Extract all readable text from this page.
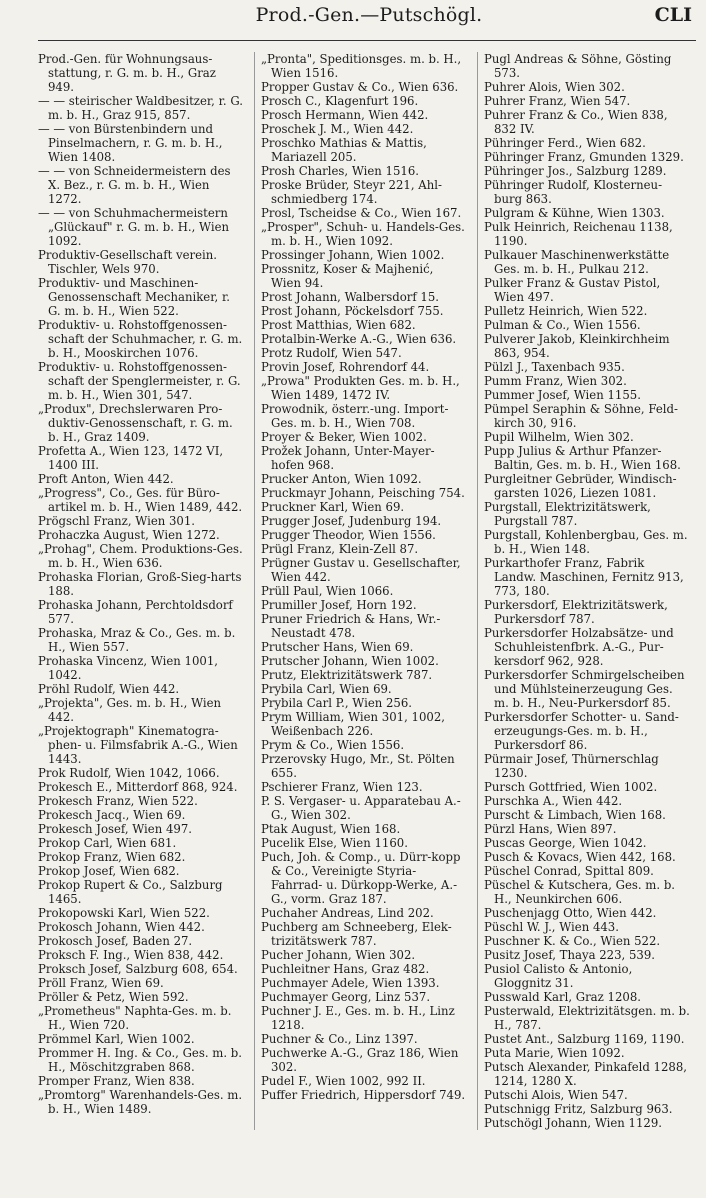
Prod.-Gen.—Putschögl.	CLI
Prod.-Gen. für Wohnungsaus-stattung, r. G. m. b. H., Graz 949.
— — steirischer Waldbesitzer, r. G. m. b. H., Graz 915, 857.
— — von Bürstenbindern und Pinselmachern, r. G. m. b. H., Wien 1408.
— — von Schneidermeistern des X. Bez., r. G. m. b. H., Wien 1272.
— — von Schuhmachermeistern „Glückauf" r. G. m. b. H., Wien 1092.
Produktiv-Gesellschaft verein. Tischler, Wels 970.
Produktiv- und Maschinen-Genossenschaft Mechaniker, r. G. m. b. H., Wien 522.
Produktiv- u. Rohstoffgenossen-schaft der Schuhmacher, r. G. m. b. H., Mooskirchen 1076.
Produktiv- u. Rohstoffgenossen-schaft der Spenglermeister, r. G. m. b. H., Wien 301, 547.
„Produx", Drechslerwaren Pro-duktiv-Genossenschaft, r. G. m. b. H., Graz 1409.
Profetta A., Wien 123, 1472 VI, 1400 III.
Proft Anton, Wien 442.
„Progress", Co., Ges. für Büro-artikel m. b. H., Wien 1489, 442.
Prögschl Franz, Wien 301.
Prohaczka August, Wien 1272.
„Prohag", Chem. Produktions-Ges. m. b. H., Wien 636.
Prohaska Florian, Groß-Sieg-harts 188.
Prohaska Johann, Perchtoldsdorf 577.
Prohaska, Mraz & Co., Ges. m. b. H., Wien 557.
Prohaska Vincenz, Wien 1001, 1042.
Pröhl Rudolf, Wien 442.
„Projekta", Ges. m. b. H., Wien 442.
„Projektograph" Kinematogra-phen- u. Filmsfabrik A.-G., Wien 1443.
Prok Rudolf, Wien 1042, 1066.
Prokesch E., Mitterdorf 868, 924.
Prokesch Franz, Wien 522.
Prokesch Jacq., Wien 69.
Prokesch Josef, Wien 497.
Prokop Carl, Wien 681.
Prokop Franz, Wien 682.
Prokop Josef, Wien 682.
Prokop Rupert & Co., Salzburg 1465.
Prokopowski Karl, Wien 522.
Prokosch Johann, Wien 442.
Prokosch Josef, Baden 27.
Proksch F. Ing., Wien 838, 442.
Proksch Josef, Salzburg 608, 654.
Pröll Franz, Wien 69.
Pröller & Petz, Wien 592.
„Prometheus" Naphta-Ges. m. b. H., Wien 720.
Prömmel Karl, Wien 1002.
Prommer H. Ing. & Co., Ges. m. b. H., Möschitzgraben 868.
Promper Franz, Wien 838.
„Promtorg" Warenhandels-Ges. m. b. H., Wien 1489.
„Pronta", Speditionsges. m. b. H., Wien 1516.
Propper Gustav & Co., Wien 636.
Prosch C., Klagenfurt 196.
Prosch Hermann, Wien 442.
Proschek J. M., Wien 442.
Proschko Mathias & Mattis, Mariazell 205.
Prosh Charles, Wien 1516.
Proske Brüder, Steyr 221, Ahl-schmiedberg 174.
Prosl, Tscheidse & Co., Wien 167.
„Prosper", Schuh- u. Handels-Ges. m. b. H., Wien 1092.
Prossinger Johann, Wien 1002.
Prossnitz, Koser & Majhenić, Wien 94.
Prost Johann, Walbersdorf 15.
Prost Johann, Pöckelsdorf 755.
Prost Matthias, Wien 682.
Protalbin-Werke A.-G., Wien 636.
Protz Rudolf, Wien 547.
Provin Josef, Rohrendorf 44.
„Prowa" Produkten Ges. m. b. H., Wien 1489, 1472 IV.
Prowodnik, österr.-ung. Import-Ges. m. b. H., Wien 708.
Proyer & Beker, Wien 1002.
Prožek Johann, Unter-Mayer-hofen 968.
Prucker Anton, Wien 1092.
Pruckmayr Johann, Peisching 754.
Pruckner Karl, Wien 69.
Prugger Josef, Judenburg 194.
Prugger Theodor, Wien 1556.
Prügl Franz, Klein-Zell 87.
Prügner Gustav u. Gesellschafter, Wien 442.
Prüll Paul, Wien 1066.
Prumiller Josef, Horn 192.
Pruner Friedrich & Hans, Wr.-Neustadt 478.
Prutscher Hans, Wien 69.
Prutscher Johann, Wien 1002.
Prutz, Elektrizitätswerk 787.
Prybila Carl, Wien 69.
Prybila Carl P., Wien 256.
Prym William, Wien 301, 1002, Weißenbach 226.
Prym & Co., Wien 1556.
Przerovsky Hugo, Mr., St. Pölten 655.
Pschierer Franz, Wien 123.
P. S. Vergaser- u. Apparatebau A.-G., Wien 302.
Ptak August, Wien 168.
Pucelik Else, Wien 1160.
Puch, Joh. & Comp., u. Dürr-kopp & Co., Vereinigte Styria-Fahrrad- u. Dürkopp-Werke, A.-G., vorm. Graz 187.
Puchaher Andreas, Lind 202.
Puchberg am Schneeberg, Elek-trizitätswerk 787.
Pucher Johann, Wien 302.
Puchleitner Hans, Graz 482.
Puchmayer Adele, Wien 1393.
Puchmayer Georg, Linz 537.
Puchner J. E., Ges. m. b. H., Linz 1218.
Puchner & Co., Linz 1397.
Puchwerke A.-G., Graz 186, Wien 302.
Pudel F., Wien 1002, 992 II.
Puffer Friedrich, Hippersdorf 749.
Pugl Andreas & Söhne, Gösting 573.
Puhrer Alois, Wien 302.
Puhrer Franz, Wien 547.
Puhrer Franz & Co., Wien 838, 832 IV.
Pühringer Ferd., Wien 682.
Pühringer Franz, Gmunden 1329.
Pühringer Jos., Salzburg 1289.
Pühringer Rudolf, Klosterneu-burg 863.
Pulgram & Kühne, Wien 1303.
Pulk Heinrich, Reichenau 1138, 1190.
Pulkauer Maschinenwerkstätte Ges. m. b. H., Pulkau 212.
Pulker Franz & Gustav Pistol, Wien 497.
Pulletz Heinrich, Wien 522.
Pulman & Co., Wien 1556.
Pulverer Jakob, Kleinkirchheim 863, 954.
Pülzl J., Taxenbach 935.
Pumm Franz, Wien 302.
Pummer Josef, Wien 1155.
Pümpel Seraphin & Söhne, Feld-kirch 30, 916.
Pupil Wilhelm, Wien 302.
Pupp Julius & Arthur Pfanzer-Baltin, Ges. m. b. H., Wien 168.
Purgleitner Gebrüder, Windisch-garsten 1026, Liezen 1081.
Purgstall, Elektrizitätswerk, Purgstall 787.
Purgstall, Kohlenbergbau, Ges. m. b. H., Wien 148.
Purkarthofer Franz, Fabrik Landw. Maschinen, Fernitz 913, 773, 180.
Purkersdorf, Elektrizitätswerk, Purkersdorf 787.
Purkersdorfer Holzabsätze- und Schuhleistenfbrk. A.-G., Pur-kersdorf 962, 928.
Purkersdorfer Schmirgelscheiben und Mühlsteinerzeugung Ges. m. b. H., Neu-Purkersdorf 85.
Purkersdorfer Schotter- u. Sand-erzeugungs-Ges. m. b. H., Purkersdorf 86.
Pürmair Josef, Thürnerschlag 1230.
Pursch Gottfried, Wien 1002.
Purschka A., Wien 442.
Purscht & Limbach, Wien 168.
Pürzl Hans, Wien 897.
Puscas George, Wien 1042.
Pusch & Kovacs, Wien 442, 168.
Püschel Conrad, Spittal 809.
Püschel & Kutschera, Ges. m. b. H., Neunkirchen 606.
Puschenjagg Otto, Wien 442.
Püschl W. J., Wien 443.
Puschner K. & Co., Wien 522.
Pusitz Josef, Thaya 223, 539.
Pusiol Calisto & Antonio, Gloggnitz 31.
Pusswald Karl, Graz 1208.
Pusterwald, Elektrizitätsgen. m. b. H., 787.
Pustet Ant., Salzburg 1169, 1190.
Puta Marie, Wien 1092.
Putsch Alexander, Pinkafeld 1288, 1214, 1280 X.
Putschi Alois, Wien 547.
Putschnigg Fritz, Salzburg 963.
Putschögl Johann, Wien 1129.
